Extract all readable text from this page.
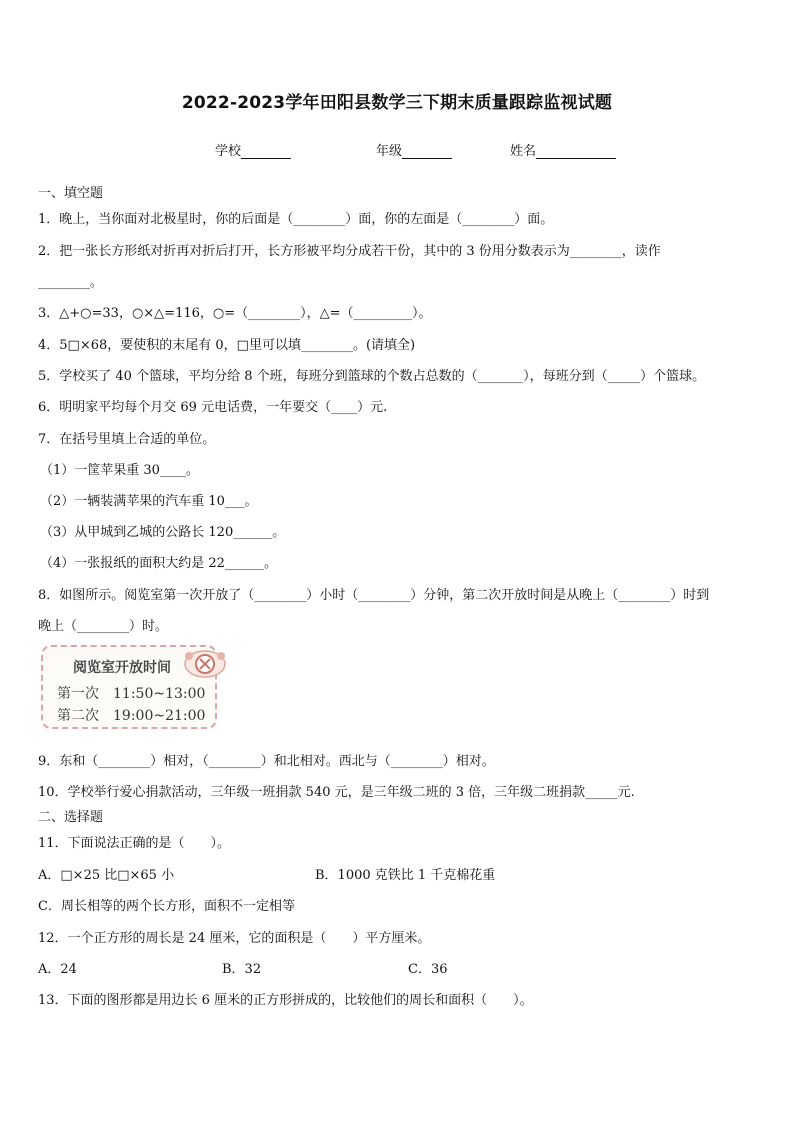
2022-2023学年田阳县数学三下期末质量跟踪监视试题
学校	年级	姓名
一、填空题
1．晚上，当你面对北极星时，你的后面是（________）面，你的左面是（________）面。
2．把一张长方形纸对折再对折后打开，长方形被平均分成若干份，其中的 3 份用分数表示为________，读作
________。
3．△+○=33，○×△=116，○=（________），△=（_________）。
4．5□×68，要使积的末尾有 0，□里可以填________。(请填全)
5．学校买了 40 个篮球，平均分给 8 个班，每班分到篮球的个数占总数的（_______），每班分到（_____）个篮球。
6．明明家平均每个月交 69 元电话费，一年要交（____）元.
7．在括号里填上合适的单位。
（1）一筐苹果重 30____。
（2）一辆装满苹果的汽车重 10___。
（3）从甲城到乙城的公路长 120______。
（4）一张报纸的面积大约是 22______。
8．如图所示。阅览室第一次开放了（________）小时（________）分钟，第二次开放时间是从晚上（________）时到
晚上（________）时。
阅览室开放时间
第一次　11:50~13:00
第二次　19:00~21:00
9．东和（________）相对，（________）和北相对。西北与（________）相对。
10．学校举行爱心捐款活动，三年级一班捐款 540 元，是三年级二班的 3 倍，三年级二班捐款_____元.
二、选择题
11．下面说法正确的是（　　）。
A．□×25 比□×65 小	B．1000 克铁比 1 千克棉花重
C．周长相等的两个长方形，面积不一定相等
12．一个正方形的周长是 24 厘米，它的面积是（　　）平方厘米。
A．24	B．32	C．36
13．下面的图形都是用边长 6 厘米的正方形拼成的，比较他们的周长和面积（　　）。
